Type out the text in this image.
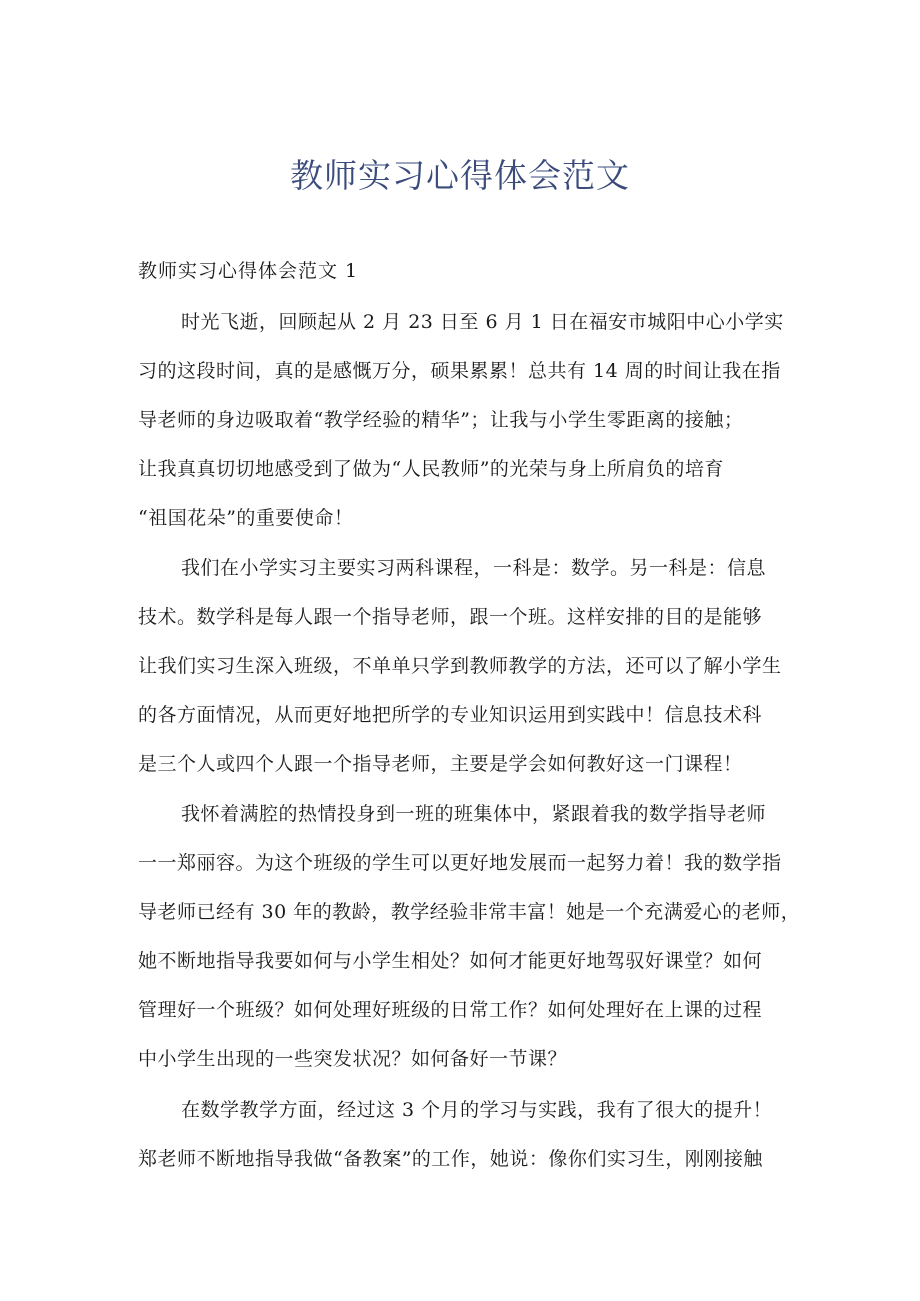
教师实习心得体会范文
教师实习心得体会范文 1

时光飞逝，回顾起从 2 月 23 日至 6 月 1 日在福安市城阳中心小学实
习的这段时间，真的是感慨万分，硕果累累！总共有 14 周的时间让我在指
导老师的身边吸取着“教学经验的精华”；让我与小学生零距离的接触；
让我真真切切地感受到了做为“人民教师”的光荣与身上所肩负的培育
“祖国花朵”的重要使命！

我们在小学实习主要实习两科课程，一科是：数学。另一科是：信息
技术。数学科是每人跟一个指导老师，跟一个班。这样安排的目的是能够
让我们实习生深入班级，不单单只学到教师教学的方法，还可以了解小学生
的各方面情况，从而更好地把所学的专业知识运用到实践中！信息技术科
是三个人或四个人跟一个指导老师，主要是学会如何教好这一门课程！

我怀着满腔的热情投身到一班的班集体中，紧跟着我的数学指导老师
一一郑丽容。为这个班级的学生可以更好地发展而一起努力着！我的数学指
导老师已经有 30 年的教龄，教学经验非常丰富！她是一个充满爱心的老师，
她不断地指导我要如何与小学生相处？如何才能更好地驾驭好课堂？如何
管理好一个班级？如何处理好班级的日常工作？如何处理好在上课的过程
中小学生出现的一些突发状况？如何备好一节课？

在数学教学方面，经过这 3 个月的学习与实践，我有了很大的提升！
郑老师不断地指导我做“备教案”的工作，她说：像你们实习生，刚刚接触
